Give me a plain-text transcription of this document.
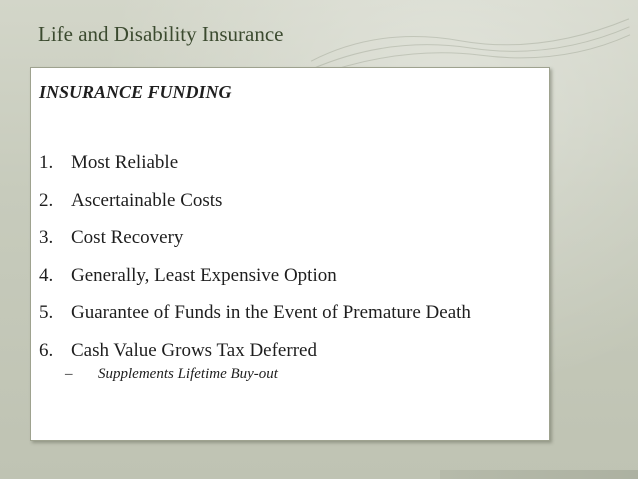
Life and Disability Insurance
INSURANCE FUNDING
1. Most Reliable
2. Ascertainable Costs
3. Cost Recovery
4. Generally, Least Expensive Option
5. Guarantee of Funds in the Event of Premature Death
6. Cash Value Grows Tax Deferred
– Supplements Lifetime Buy-out
